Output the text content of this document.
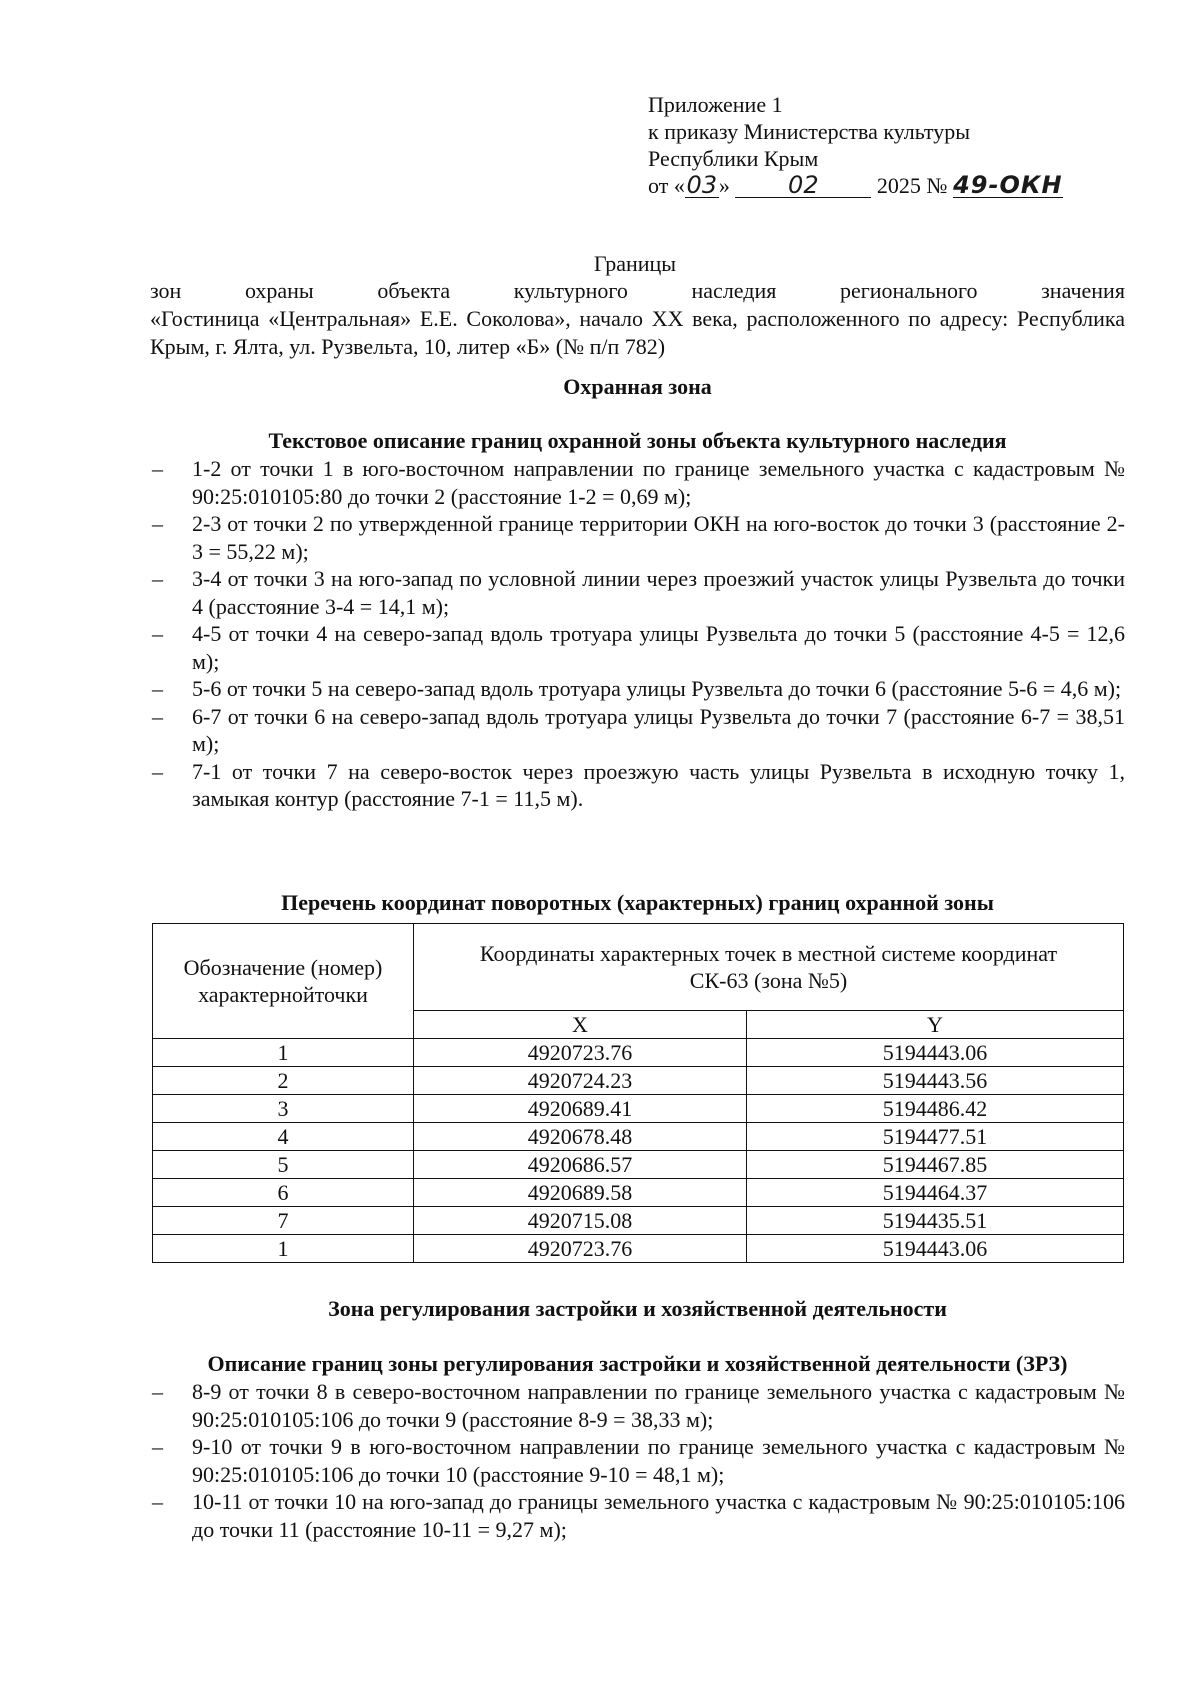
Приложение 1
к приказу Министерства культуры
Республики Крым
от «03» 02	2025 № 49-ОКН
Границы
зон	охраны	объекта	культурного	наследия	регионального	значения
«Гостиница «Центральная» Е.Е. Соколова», начало XX века, расположенного по адресу: Республика Крым, г. Ялта, ул. Рузвельта, 10, литер «Б» (№ п/п 782)
Охранная зона
Текстовое описание границ охранной зоны объекта культурного наследия
– 1-2 от точки 1 в юго-восточном направлении по границе земельного участка с кадастровым № 90:25:010105:80 до точки 2 (расстояние 1-2 = 0,69 м);
– 2-3 от точки 2 по утвержденной границе территории ОКН на юго-восток до точки 3 (расстояние 2-3 = 55,22 м);
– 3-4 от точки 3 на юго-запад по условной линии через проезжий участок улицы Рузвельта до точки 4 (расстояние 3-4 = 14,1 м);
– 4-5 от точки 4 на северо-запад вдоль тротуара улицы Рузвельта до точки 5 (расстояние 4-5 = 12,6 м);
– 5-6 от точки 5 на северо-запад вдоль тротуара улицы Рузвельта до точки 6 (расстояние 5-6 = 4,6 м);
– 6-7 от точки 6 на северо-запад вдоль тротуара улицы Рузвельта до точки 7 (расстояние 6-7 = 38,51 м);
– 7-1 от точки 7 на северо-восток через проезжую часть улицы Рузвельта в исходную точку 1, замыкая контур (расстояние 7-1 = 11,5 м).
Перечень координат поворотных (характерных) границ охранной зоны
Обозначение (номер) характернойточки	Координаты характерных точек в местной системе координат
СК-63 (зона №5)	

	X	Y
1	4920723.76	5194443.06
2	4920724.23	5194443.56
3	4920689.41	5194486.42
4	4920678.48	5194477.51
5	4920686.57	5194467.85
6	4920689.58	5194464.37
7	4920715.08	5194435.51
1	4920723.76	5194443.06
Зона регулирования застройки и хозяйственной деятельности
Описание границ зоны регулирования застройки и хозяйственной деятельности (ЗРЗ)
– 8-9 от точки 8 в северо-восточном направлении по границе земельного участка с кадастровым № 90:25:010105:106 до точки 9 (расстояние 8-9 = 38,33 м);
– 9-10 от точки 9 в юго-восточном направлении по границе земельного участка с кадастровым № 90:25:010105:106 до точки 10 (расстояние 9-10 = 48,1 м);
– 10-11 от точки 10 на юго-запад до границы земельного участка с кадастровым № 90:25:010105:106 до точки 11 (расстояние 10-11 = 9,27 м);
